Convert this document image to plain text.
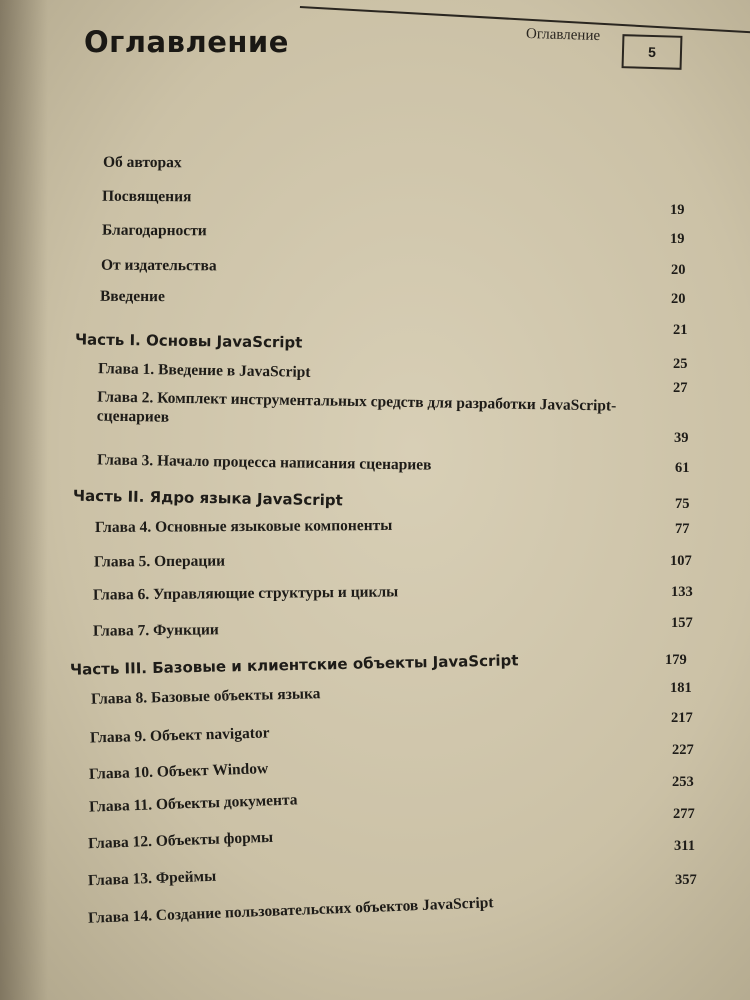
Оглавление
5
Оглавление
Об авторах
Посвящения
Благодарности
От издательства
Введение
Часть I. Основы JavaScript
Глава 1. Введение в JavaScript
Глава 2. Комплект инструментальных средств для разработки JavaScript-сценариев
Глава 3. Начало процесса написания сценариев
Часть II. Ядро языка JavaScript
Глава 4. Основные языковые компоненты
Глава 5. Операции
Глава 6. Управляющие структуры и циклы
Глава 7. Функции
Часть III. Базовые и клиентские объекты JavaScript
Глава 8. Базовые объекты языка
Глава 9. Объект navigator
Глава 10. Объект Window
Глава 11. Объекты документа
Глава 12. Объекты формы
Глава 13. Фреймы
Глава 14. Создание пользовательских объектов JavaScript
19
19
20
20
21
25
27
39
61
75
77
107
133
157
179
181
217
227
253
277
311
357
